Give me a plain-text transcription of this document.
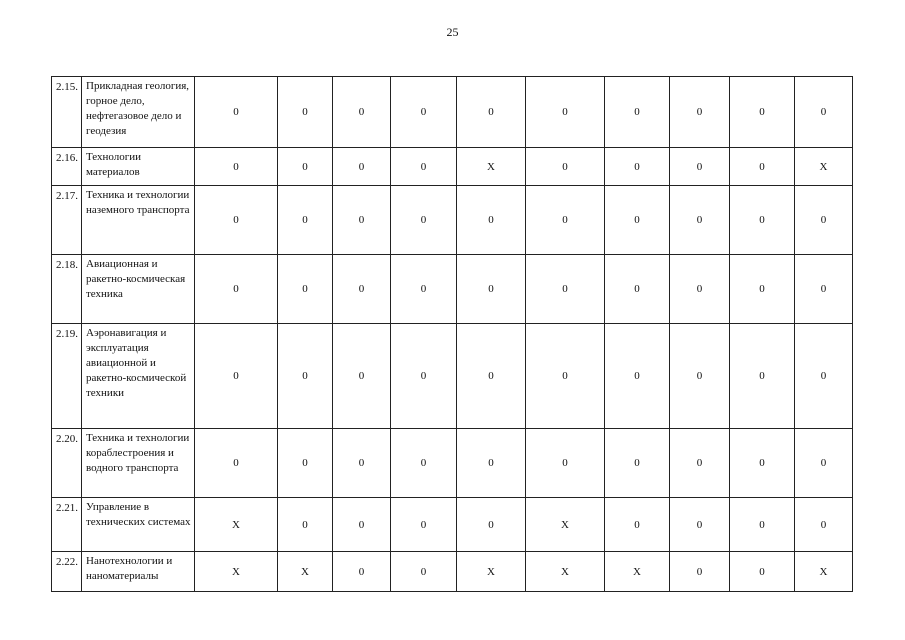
25
2.15.	Прикладная геология, горное дело, нефтегазовое дело и геодезия	0	0	0	0	0	0	0	0	0	0
2.16.	Технологии материалов	0	0	0	0	X	0	0	0	0	X
2.17.	Техника и технологии наземного транспорта	0	0	0	0	0	0	0	0	0	0
2.18.	Авиационная и ракетно-космическая техника	0	0	0	0	0	0	0	0	0	0
2.19.	Аэронавигация и эксплуатация авиационной и ракетно-космической техники	0	0	0	0	0	0	0	0	0	0
2.20.	Техника и технологии кораблестроения и водного транспорта	0	0	0	0	0	0	0	0	0	0
2.21.	Управление в технических системах	X	0	0	0	0	X	0	0	0	0
2.22.	Нанотехнологии и наноматериалы	X	X	0	0	X	X	X	0	0	X
